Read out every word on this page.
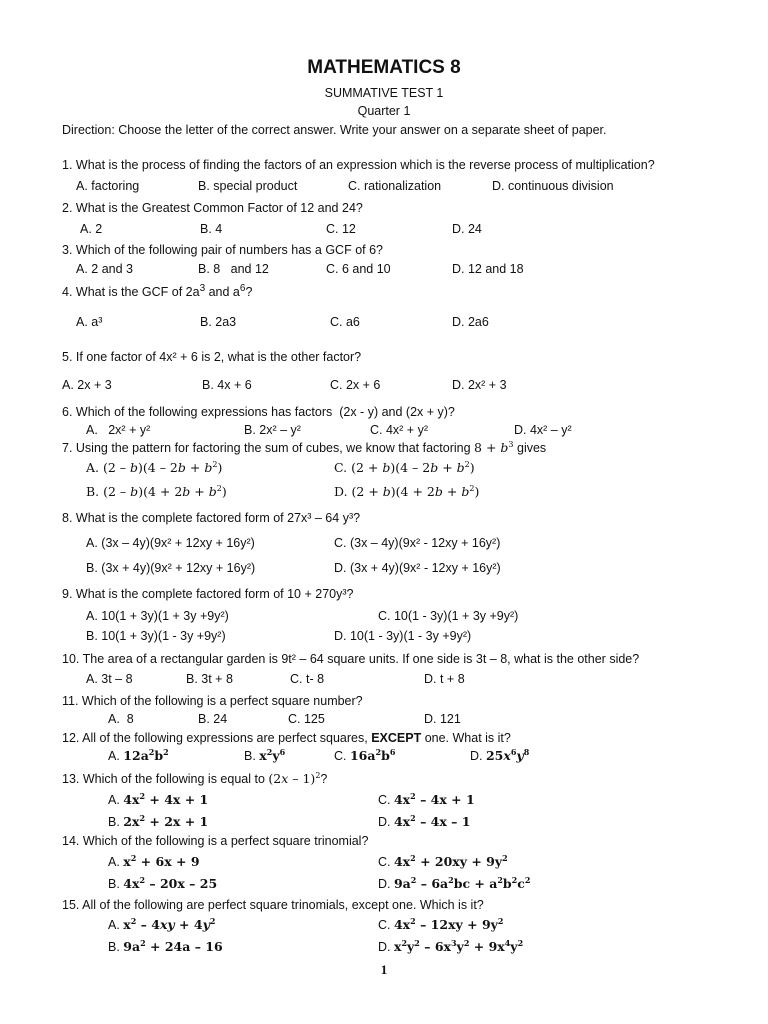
MATHEMATICS 8
SUMMATIVE TEST 1
Quarter 1
Direction: Choose the letter of the correct answer. Write your answer on a separate sheet of paper.
1. What is the process of finding the factors of an expression which is the reverse process of multiplication?
A. factoring	B. special product	C. rationalization	D. continuous division
2. What is the Greatest Common Factor of 12 and 24?
A. 2	B. 4	C. 12	D. 24
3. Which of the following pair of numbers has a GCF of 6?
A. 2 and 3	B. 8   and 12	C. 6 and 10	D. 12 and 18
4. What is the GCF of $2a^3$ and $a^6$?
A. a³	B. 2a3	C. a6	D. 2a6
5. If one factor of 4x² + 6 is 2, what is the other factor?
A. 2x + 3	B. 4x + 6	C. 2x + 6	D. 2x² + 3
6. Which of the following expressions has factors  (2x - y) and (2x + y)?
A.   2x² + y²	B. 2x² – y²	C. 4x² + y²	D. 4x² – y²
7. Using the pattern for factoring the sum of cubes, we know that factoring $8 + b^3$ gives
A. $(2 - b)(4 - 2b + b^2)$	C. $(2 + b)(4 - 2b + b^2)$
B. $(2 - b)(4 + 2b + b^2)$	D. $(2 + b)(4 + 2b + b^2)$
8. What is the complete factored form of 27x³ – 64 y³?
A. (3x – 4y)(9x² + 12xy + 16y²)	C. (3x – 4y)(9x² - 12xy + 16y²)
B. (3x + 4y)(9x² + 12xy + 16y²)	D. (3x + 4y)(9x² - 12xy + 16y²)
9. What is the complete factored form of 10 + 270y³?
A. 10(1 + 3y)(1 + 3y +9y²)	C. 10(1 - 3y)(1 + 3y +9y²)
B. 10(1 + 3y)(1 - 3y +9y²)	D. 10(1 - 3y)(1 - 3y +9y²)
10. The area of a rectangular garden is 9t² – 64 square units. If one side is 3t – 8, what is the other side?
A. 3t – 8	B. 3t + 8	C. t- 8	D. t + 8
11. Which of the following is a perfect square number?
A.  8	B. 24	C. 125	D. 121
12. All of the following expressions are perfect squares, EXCEPT one. What is it?
A. $12a^2b^2$	B. $x^2y^6$	C. $16a^2b^6$	D. $25x^6y^8$
13. Which of the following is equal to (2x – 1)$^2$?
A. $4x^2 + 4x + 1$	C. $4x^2 - 4x + 1$
B. $2x^2 + 2x + 1$	D. $4x^2 - 4x - 1$
14. Which of the following is a perfect square trinomial?
A. $x^2 + 6x + 9$	C. $4x^2 + 20xy + 9y^2$
B. $4x^2 - 20x - 25$	D. $9a^2 - 6a^2bc + a^2b^2c^2$
15. All of the following are perfect square trinomials, except one. Which is it?
A. $x^2 - 4xy + 4y^2$	C. $4x^2 - 12xy + 9y^2$
B. $9a^2 + 24a - 16$	D. $x^2y^2 - 6x^3y^2 + 9x^4y^2$
1
